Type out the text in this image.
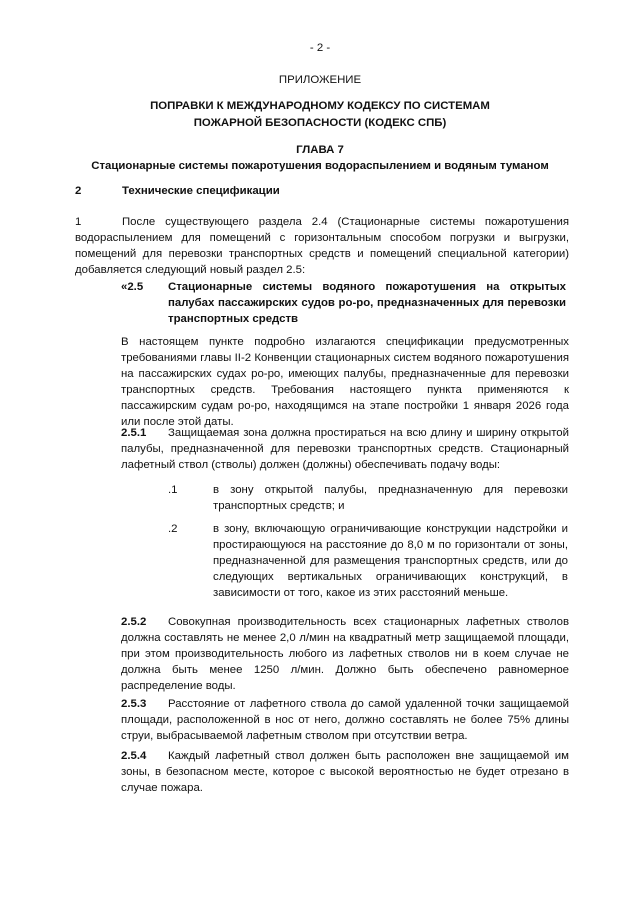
- 2 -
ПРИЛОЖЕНИЕ
ПОПРАВКИ К МЕЖДУНАРОДНОМУ КОДЕКСУ ПО СИСТЕМАМ
ПОЖАРНОЙ БЕЗОПАСНОСТИ (КОДЕКС СПБ)
ГЛАВА 7
Стационарные системы пожаротушения водораспылением и водяным туманом
2	Технические спецификации
1	После существующего раздела 2.4 (Стационарные системы пожаротушения водораспылением для помещений с горизонтальным способом погрузки и выгрузки, помещений для перевозки транспортных средств и помещений специальной категории) добавляется следующий новый раздел 2.5:

«2.5 Стационарные системы водяного пожаротушения на открытых палубах пассажирских судов ро-ро, предназначенных для перевозки транспортных средств

В настоящем пункте подробно излагаются спецификации предусмотренных требованиями главы II-2 Конвенции стационарных систем водяного пожаротушения на пассажирских судах ро-ро, имеющих палубы, предназначенные для перевозки транспортных средств. Требования настоящего пункта применяются к пассажирским судам ро-ро, находящимся на этапе постройки 1 января 2026 года или после этой даты.

2.5.1	Защищаемая зона должна простираться на всю длину и ширину открытой палубы, предназначенной для перевозки транспортных средств. Стационарный лафетный ствол (стволы) должен (должны) обеспечивать подачу воды:

.1	в зону открытой палубы, предназначенную для перевозки транспортных средств; и

.2	в зону, включающую ограничивающие конструкции надстройки и простирающуюся на расстояние до 8,0 м по горизонтали от зоны, предназначенной для размещения транспортных средств, или до следующих вертикальных ограничивающих конструкций, в зависимости от того, какое из этих расстояний меньше.

2.5.2	Совокупная производительность всех стационарных лафетных стволов должна составлять не менее 2,0 л/мин на квадратный метр защищаемой площади, при этом производительность любого из лафетных стволов ни в коем случае не должна быть менее 1250 л/мин. Должно быть обеспечено равномерное распределение воды.

2.5.3	Расстояние от лафетного ствола до самой удаленной точки защищаемой площади, расположенной в нос от него, должно составлять не более 75% длины струи, выбрасываемой лафетным стволом при отсутствии ветра.

2.5.4	Каждый лафетный ствол должен быть расположен вне защищаемой им зоны, в безопасном месте, которое с высокой вероятностью не будет отрезано в случае пожара.
